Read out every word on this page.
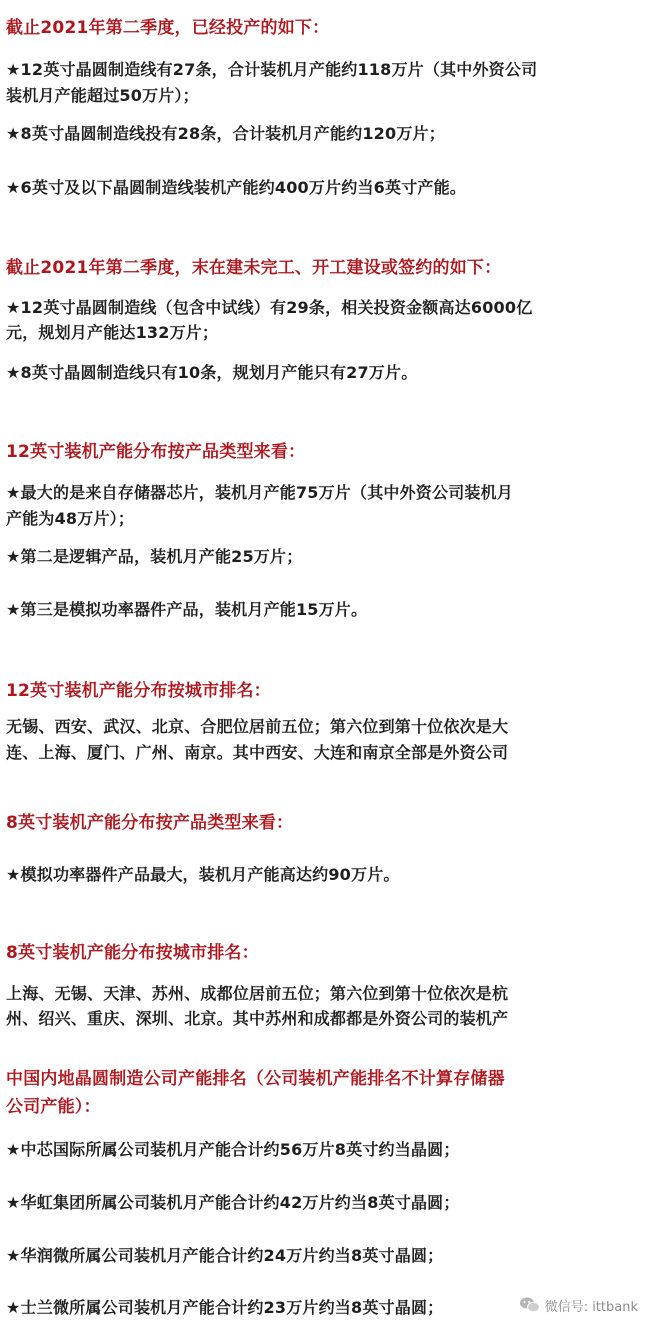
截止2021年第二季度，已经投产的如下：
★12英寸晶圆制造线有27条，合计装机月产能约118万片（其中外资公司
装机月产能超过50万片）；
★8英寸晶圆制造线投有28条，合计装机月产能约120万片；
★6英寸及以下晶圆制造线装机产能约400万片约当6英寸产能。
截止2021年第二季度，末在建未完工、开工建设或签约的如下：
★12英寸晶圆制造线（包含中试线）有29条，相关投资金额高达6000亿
元，规划月产能达132万片；
★8英寸晶圆制造线只有10条，规划月产能只有27万片。
12英寸装机产能分布按产品类型来看：
★最大的是来自存储器芯片，装机月产能75万片（其中外资公司装机月
产能为48万片）；
★第二是逻辑产品，装机月产能25万片；
★第三是模拟功率器件产品，装机月产能15万片。
12英寸装机产能分布按城市排名：
无锡、西安、武汉、北京、合肥位居前五位；第六位到第十位依次是大
连、上海、厦门、广州、南京。其中西安、大连和南京全部是外资公司
8英寸装机产能分布按产品类型来看：
★模拟功率器件产品最大，装机月产能高达约90万片。
8英寸装机产能分布按城市排名：
上海、无锡、天津、苏州、成都位居前五位；第六位到第十位依次是杭
州、绍兴、重庆、深圳、北京。其中苏州和成都都是外资公司的装机产
中国内地晶圆制造公司产能排名（公司装机产能排名不计算存储器
公司产能）：
★中芯国际所属公司装机月产能合计约56万片8英寸约当晶圆；
★华虹集团所属公司装机月产能合计约42万片约当8英寸晶圆；
★华润微所属公司装机月产能合计约24万片约当8英寸晶圆；
★士兰微所属公司装机月产能合计约23万片约当8英寸晶圆；	微信号: ittbank
